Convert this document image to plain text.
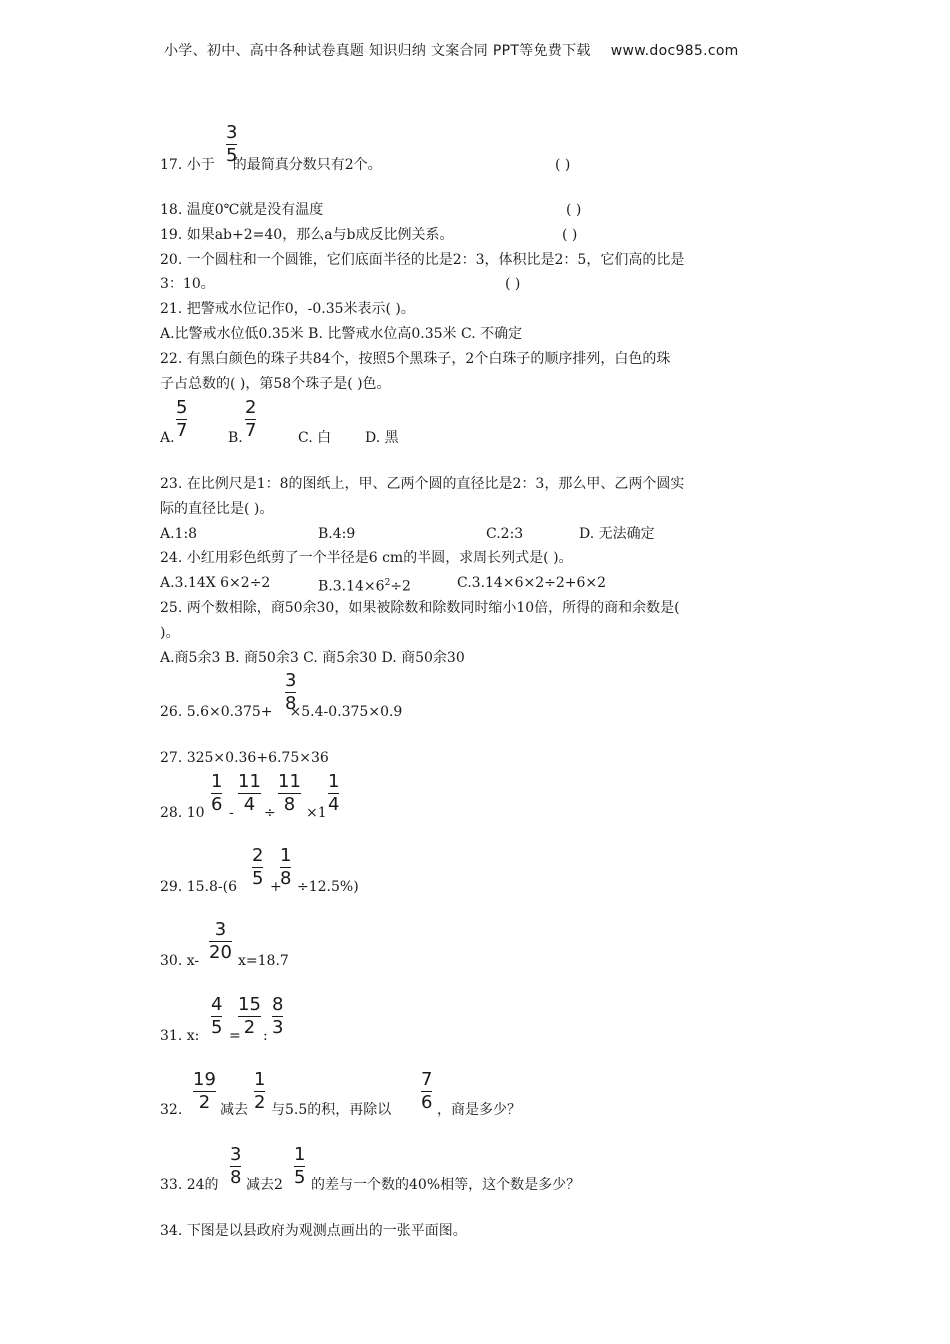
小学、初中、高中各种试卷真题 知识归纳 文案合同 PPT等免费下载 www.doc985.com
3
5
17. 小于 的最简真分数只有2个。	( )
18. 温度0℃就是没有温度	( )
19. 如果ab+2=40，那么a与b成反比例关系。	( )
20. 一个圆柱和一个圆锥，它们底面半径的比是2：3，体积比是2：5，它们高的比是
3：10。	( )
21. 把警戒水位记作0，-0.35米表示( )。
A.比警戒水位低0.35米 B. 比警戒水位高0.35米 C. 不确定
22. 有黑白颜色的珠子共84个，按照5个黑珠子，2个白珠子的顺序排列，白色的珠
子占总数的( )，第58个珠子是( )色。
5
7
2
7
A.	B.	C. 白 D. 黑
23. 在比例尺是1：8的图纸上，甲、乙两个圆的直径比是2：3，那么甲、乙两个圆实
际的直径比是( )。
A.1:8	B.4:9	C.2:3	D. 无法确定
24. 小红用彩色纸剪了一个半径是6 cm的半圆，求周长列式是( )。
A.3.14X 6×2÷2	$B.3.14\times 6^2\div 2$	C.3.14×6×2÷2+6×2
25. 两个数相除，商50余30，如果被除数和除数同时缩小10倍，所得的商和余数是(
)。
A.商5余3 B. 商50余3 C. 商5余30 D. 商50余30
3
8
26. 5.6×0.375+ ×5.4-0.375×0.9
27. 325×0.36+6.75×36
1
6
11
4
11
8
1
4
28. 10 - ÷ ×1
2
5
1
8
29. 15.8-(6 + ÷12.5%)
3
20
30. x-	x=18.7
4
5
15
2
8
3
31. x: = :
19
2
1
2
7
6
32.	减去 与5.5的积，再除以	，商是多少？
3
8
1
5
33. 24的 减去2 的差与一个数的40%相等，这个数是多少？
34. 下图是以县政府为观测点画出的一张平面图。
